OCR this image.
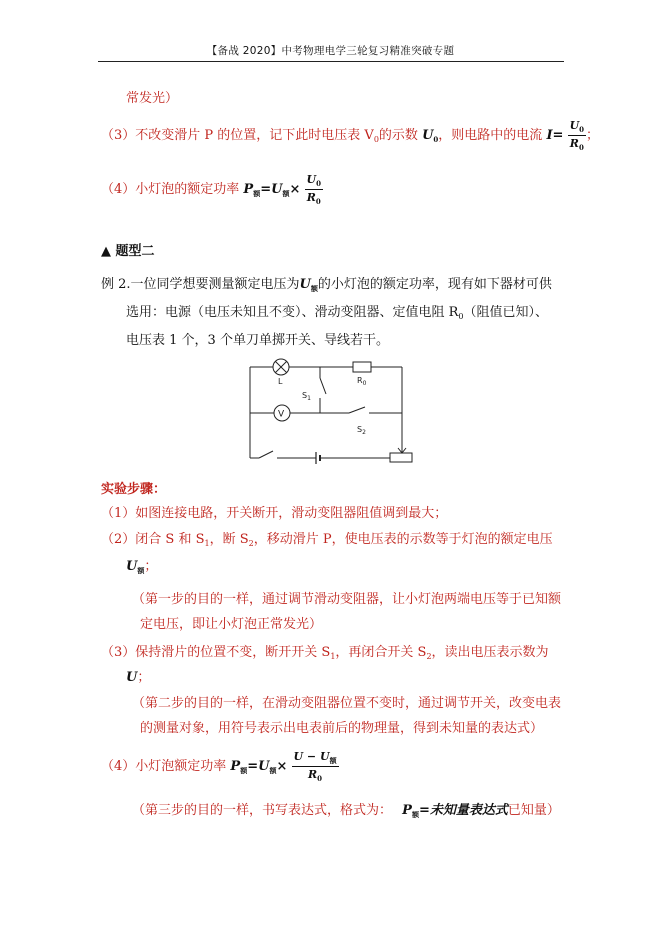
【备战 2020】中考物理电学三轮复习精准突破专题
常发光）
（3）不改变滑片 P 的位置，记下此时电压表 $V_0$的示数 $U_0$，则电路中的电流 $I= \frac{U_0}{R_0}$ ；
（4）小灯泡的额定功率 $P_额=U_额\times \frac{U_0}{R_0}$
▲ 题型二
例 2.一位同学想要测量额定电压为$U_额$的小灯泡的额定功率，现有如下器材可供
选用：电源（电压未知且不变）、滑动变阻器、定值电阻 $R_0$（阻值已知）、
电压表 1 个，3 个单刀单掷开关、导线若干。
L
V
$R_0$
$S_1$
$S_2$
实验步骤：
（1）如图连接电路，开关断开，滑动变阻器阻值调到最大；
（2）闭合 S 和 $S_1$，断 $S_2$，移动滑片 P，使电压表的示数等于灯泡的额定电压
$U_额$；
（第一步的目的一样，通过调节滑动变阻器，让小灯泡两端电压等于已知额
定电压，即让小灯泡正常发光）
（3）保持滑片的位置不变，断开开关 $S_1$，再闭合开关 $S_2$，读出电压表示数为
U；
（第二步的目的一样，在滑动变阻器位置不变时，通过调节开关，改变电表
的测量对象，用符号表示出电表前后的物理量，得到未知量的表达式）
（4）小灯泡额定功率 $P_额=U_额\times \frac{U - U_额}{R_0}$
（第三步的目的一样，书写表达式，格式为： $P_额=$未知量表达式已知量）
